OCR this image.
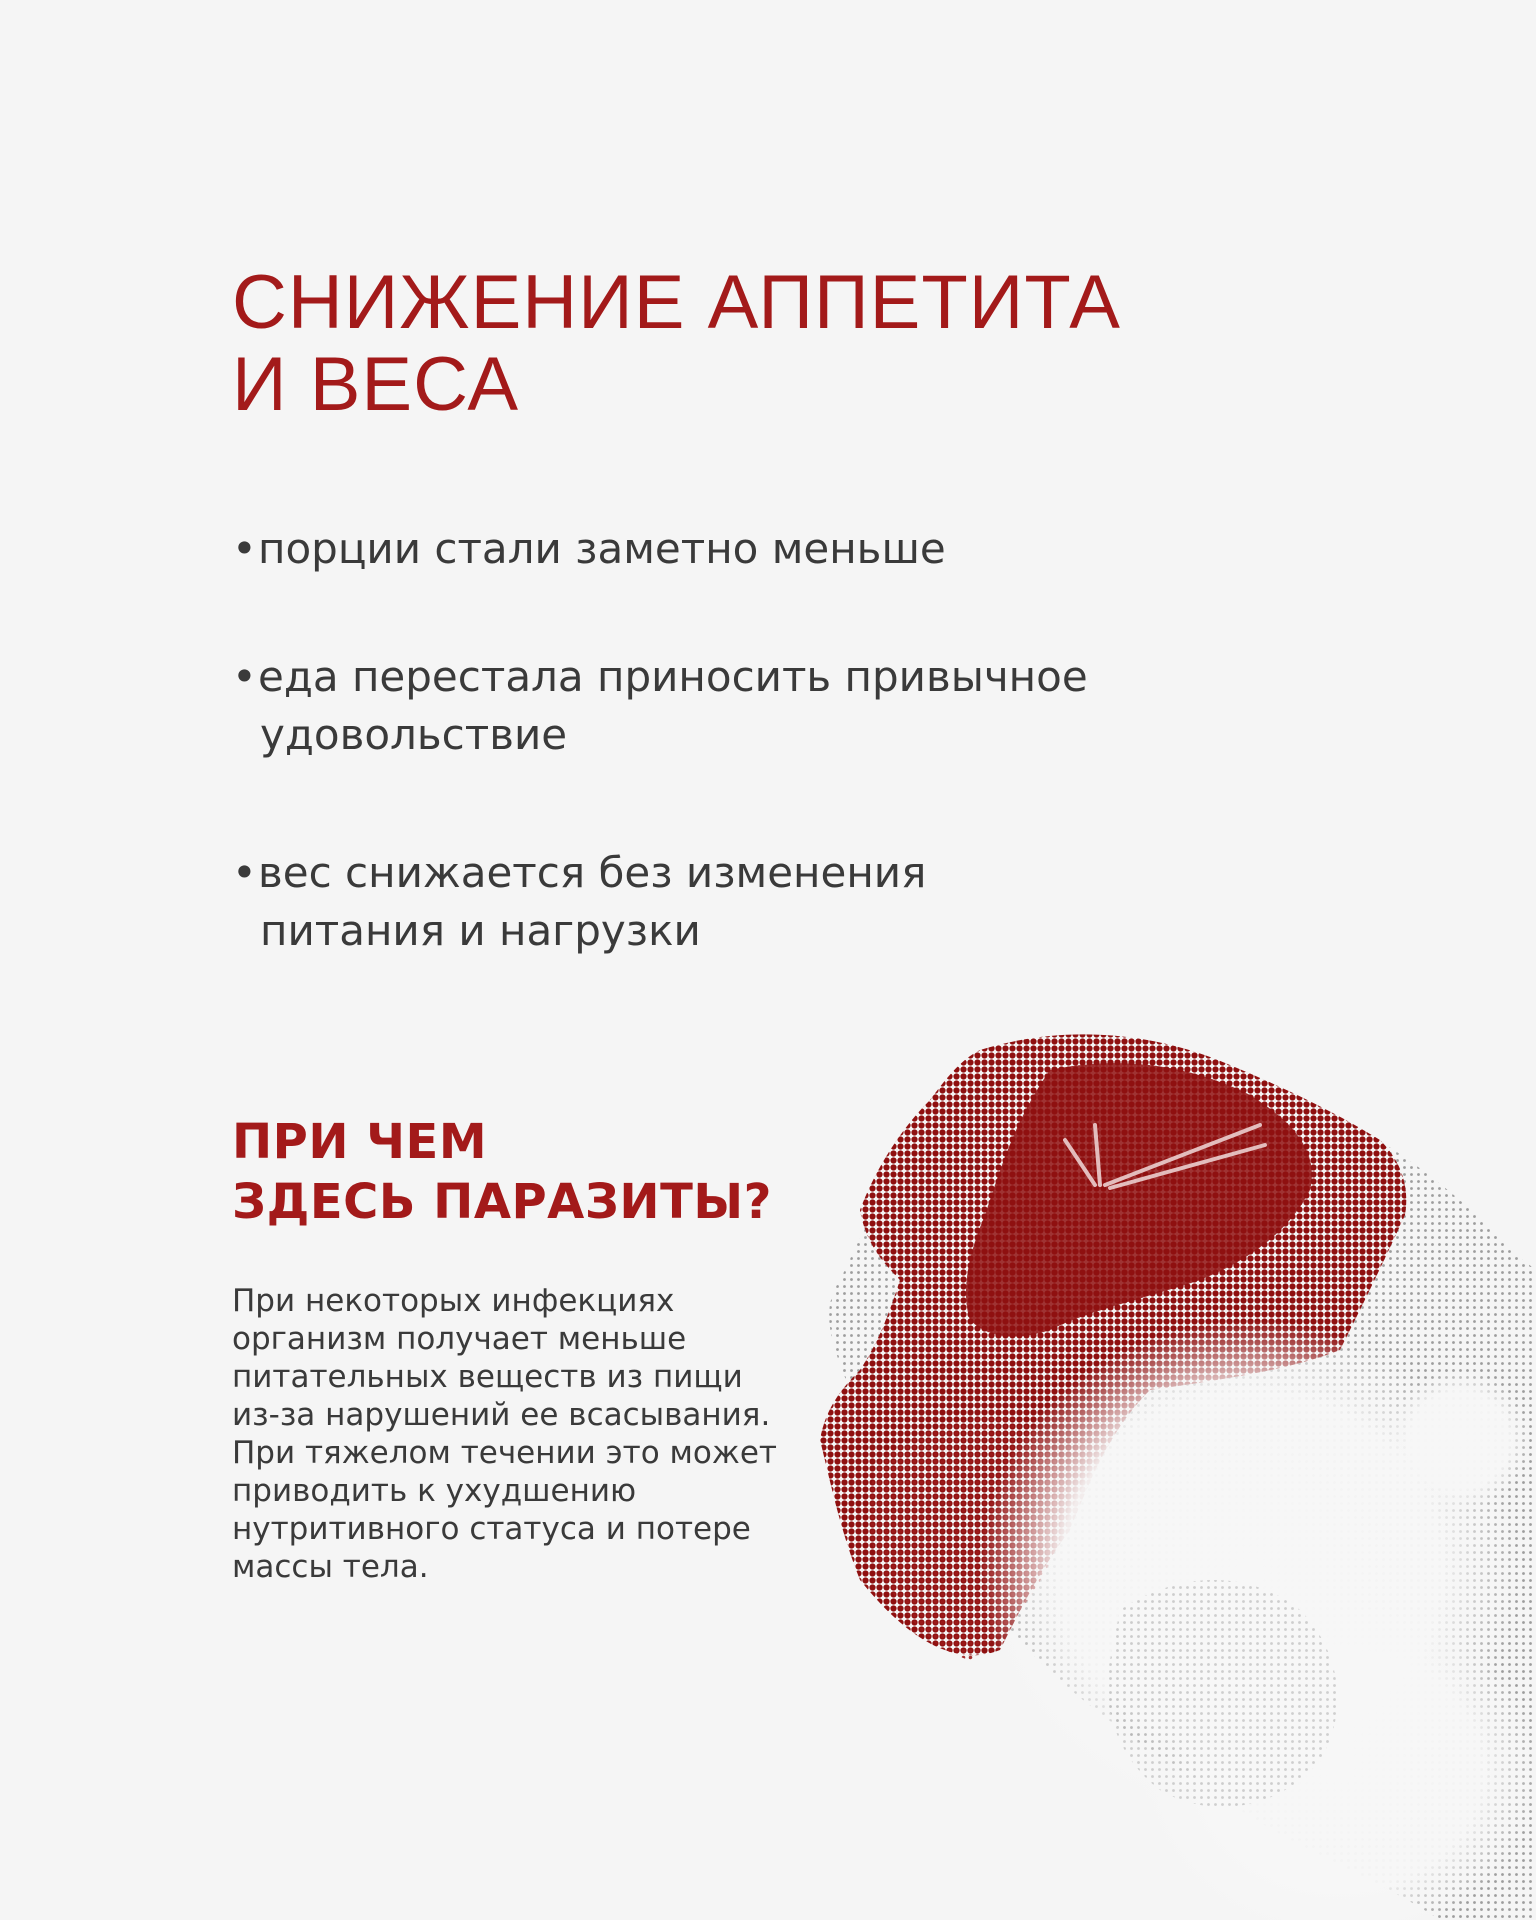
СНИЖЕНИЕ АППЕТИТА
И ВЕСА
• порции стали заметно меньше
• еда перестала приносить привычное
удовольствие
• вес снижается без изменения
питания и нагрузки
ПРИ ЧЕМ
ЗДЕСЬ ПАРАЗИТЫ?
При некоторых инфекциях
организм получает меньше
питательных веществ из пищи
из-за нарушений ее всасывания.
При тяжелом течении это может
приводить к ухудшению
нутритивного статуса и потере
массы тела.
